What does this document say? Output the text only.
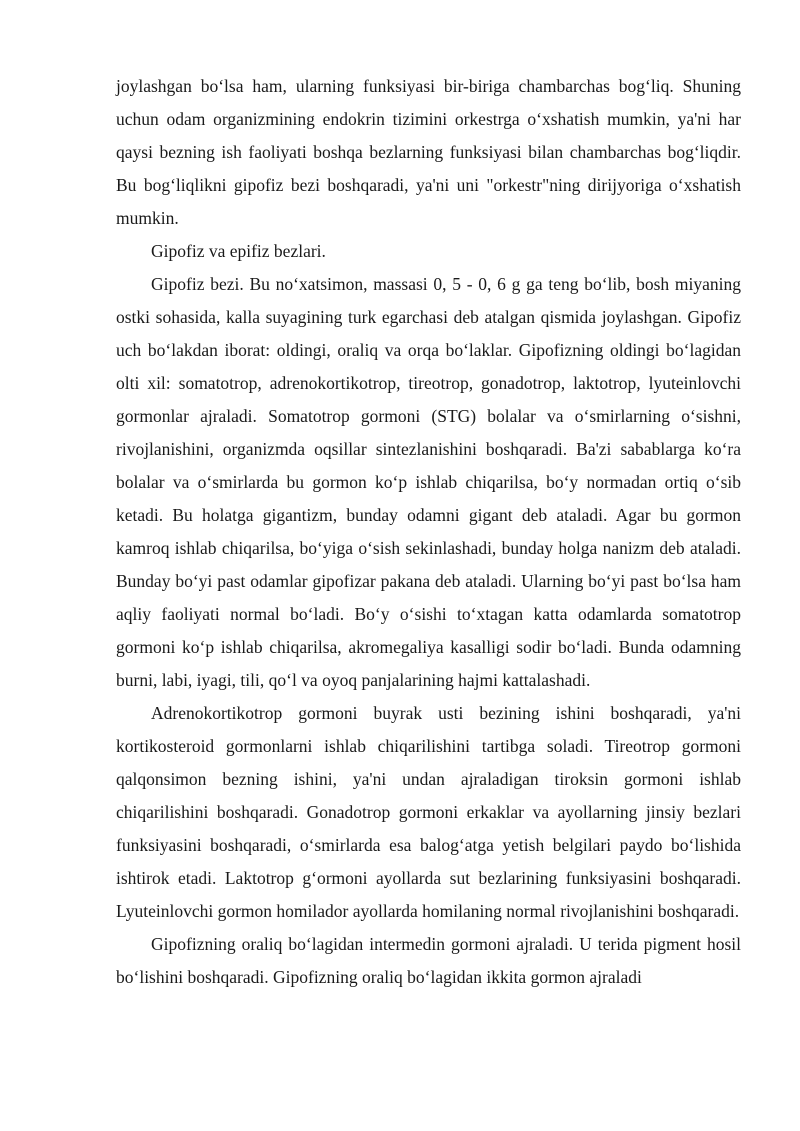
joylashgan bo‘lsa ham, ularning funksiyasi bir-biriga chambarchas bog‘liq. Shuning uchun odam organizmining endokrin tizimini orkestrga o‘xshatish mumkin, ya'ni har qaysi bezning ish faoliyati boshqa bezlarning funksiyasi bilan chambarchas bog‘liqdir. Bu bog‘liqlikni gipofiz bezi boshqaradi, ya'ni uni "orkestr"ning dirijyoriga o‘xshatish mumkin.

Gipofiz va epifiz bezlari.

Gipofiz bezi. Bu no‘xatsimon, massasi 0, 5 - 0, 6 g ga teng bo‘lib, bosh miyaning ostki sohasida, kalla suyagining turk egarchasi deb atalgan qismida joylashgan. Gipofiz uch bo‘lakdan iborat: oldingi, oraliq va orqa bo‘laklar. Gipofizning oldingi bo‘lagidan olti xil: somatotrop, adrenokortikotrop, tireotrop, gonadotrop, laktotrop, lyuteinlovchi gormonlar ajraladi. Somatotrop gormoni (STG) bolalar va o‘smirlarning o‘sishni, rivojlanishini, organizmda oqsillar sintezlanishini boshqaradi. Ba'zi sabablarga ko‘ra bolalar va o‘smirlarda bu gormon ko‘p ishlab chiqarilsa, bo‘y normadan ortiq o‘sib ketadi. Bu holatga gigantizm, bunday odamni gigant deb ataladi. Agar bu gormon kamroq ishlab chiqarilsa, bo‘yiga o‘sish sekinlashadi, bunday holga nanizm deb ataladi. Bunday bo‘yi past odamlar gipofizar pakana deb ataladi. Ularning bo‘yi past bo‘lsa ham aqliy faoliyati normal bo‘ladi. Bo‘y o‘sishi to‘xtagan katta odamlarda somatotrop gormoni ko‘p ishlab chiqarilsa, akromegaliya kasalligi sodir bo‘ladi. Bunda odamning burni, labi, iyagi, tili, qo‘l va oyoq panjalarining hajmi kattalashadi.

Adrenokortikotrop gormoni buyrak usti bezining ishini boshqaradi, ya'ni kortikosteroid gormonlarni ishlab chiqarilishini tartibga soladi. Tireotrop gormoni qalqonsimon bezning ishini, ya'ni undan ajraladigan tiroksin gormoni ishlab chiqarilishini boshqaradi. Gonadotrop gormoni erkaklar va ayollarning jinsiy bezlari funksiyasini boshqaradi, o‘smirlarda esa balog‘atga yetish belgilari paydo bo‘lishida ishtirok etadi. Laktotrop g‘ormoni ayollarda sut bezlarining funksiyasini boshqaradi. Lyuteinlovchi gormon homilador ayollarda homilaning normal rivojlanishini boshqaradi.

Gipofizning oraliq bo‘lagidan intermedin gormoni ajraladi. U terida pigment hosil bo‘lishini boshqaradi. Gipofizning oraliq bo‘lagidan ikkita gormon ajraladi
